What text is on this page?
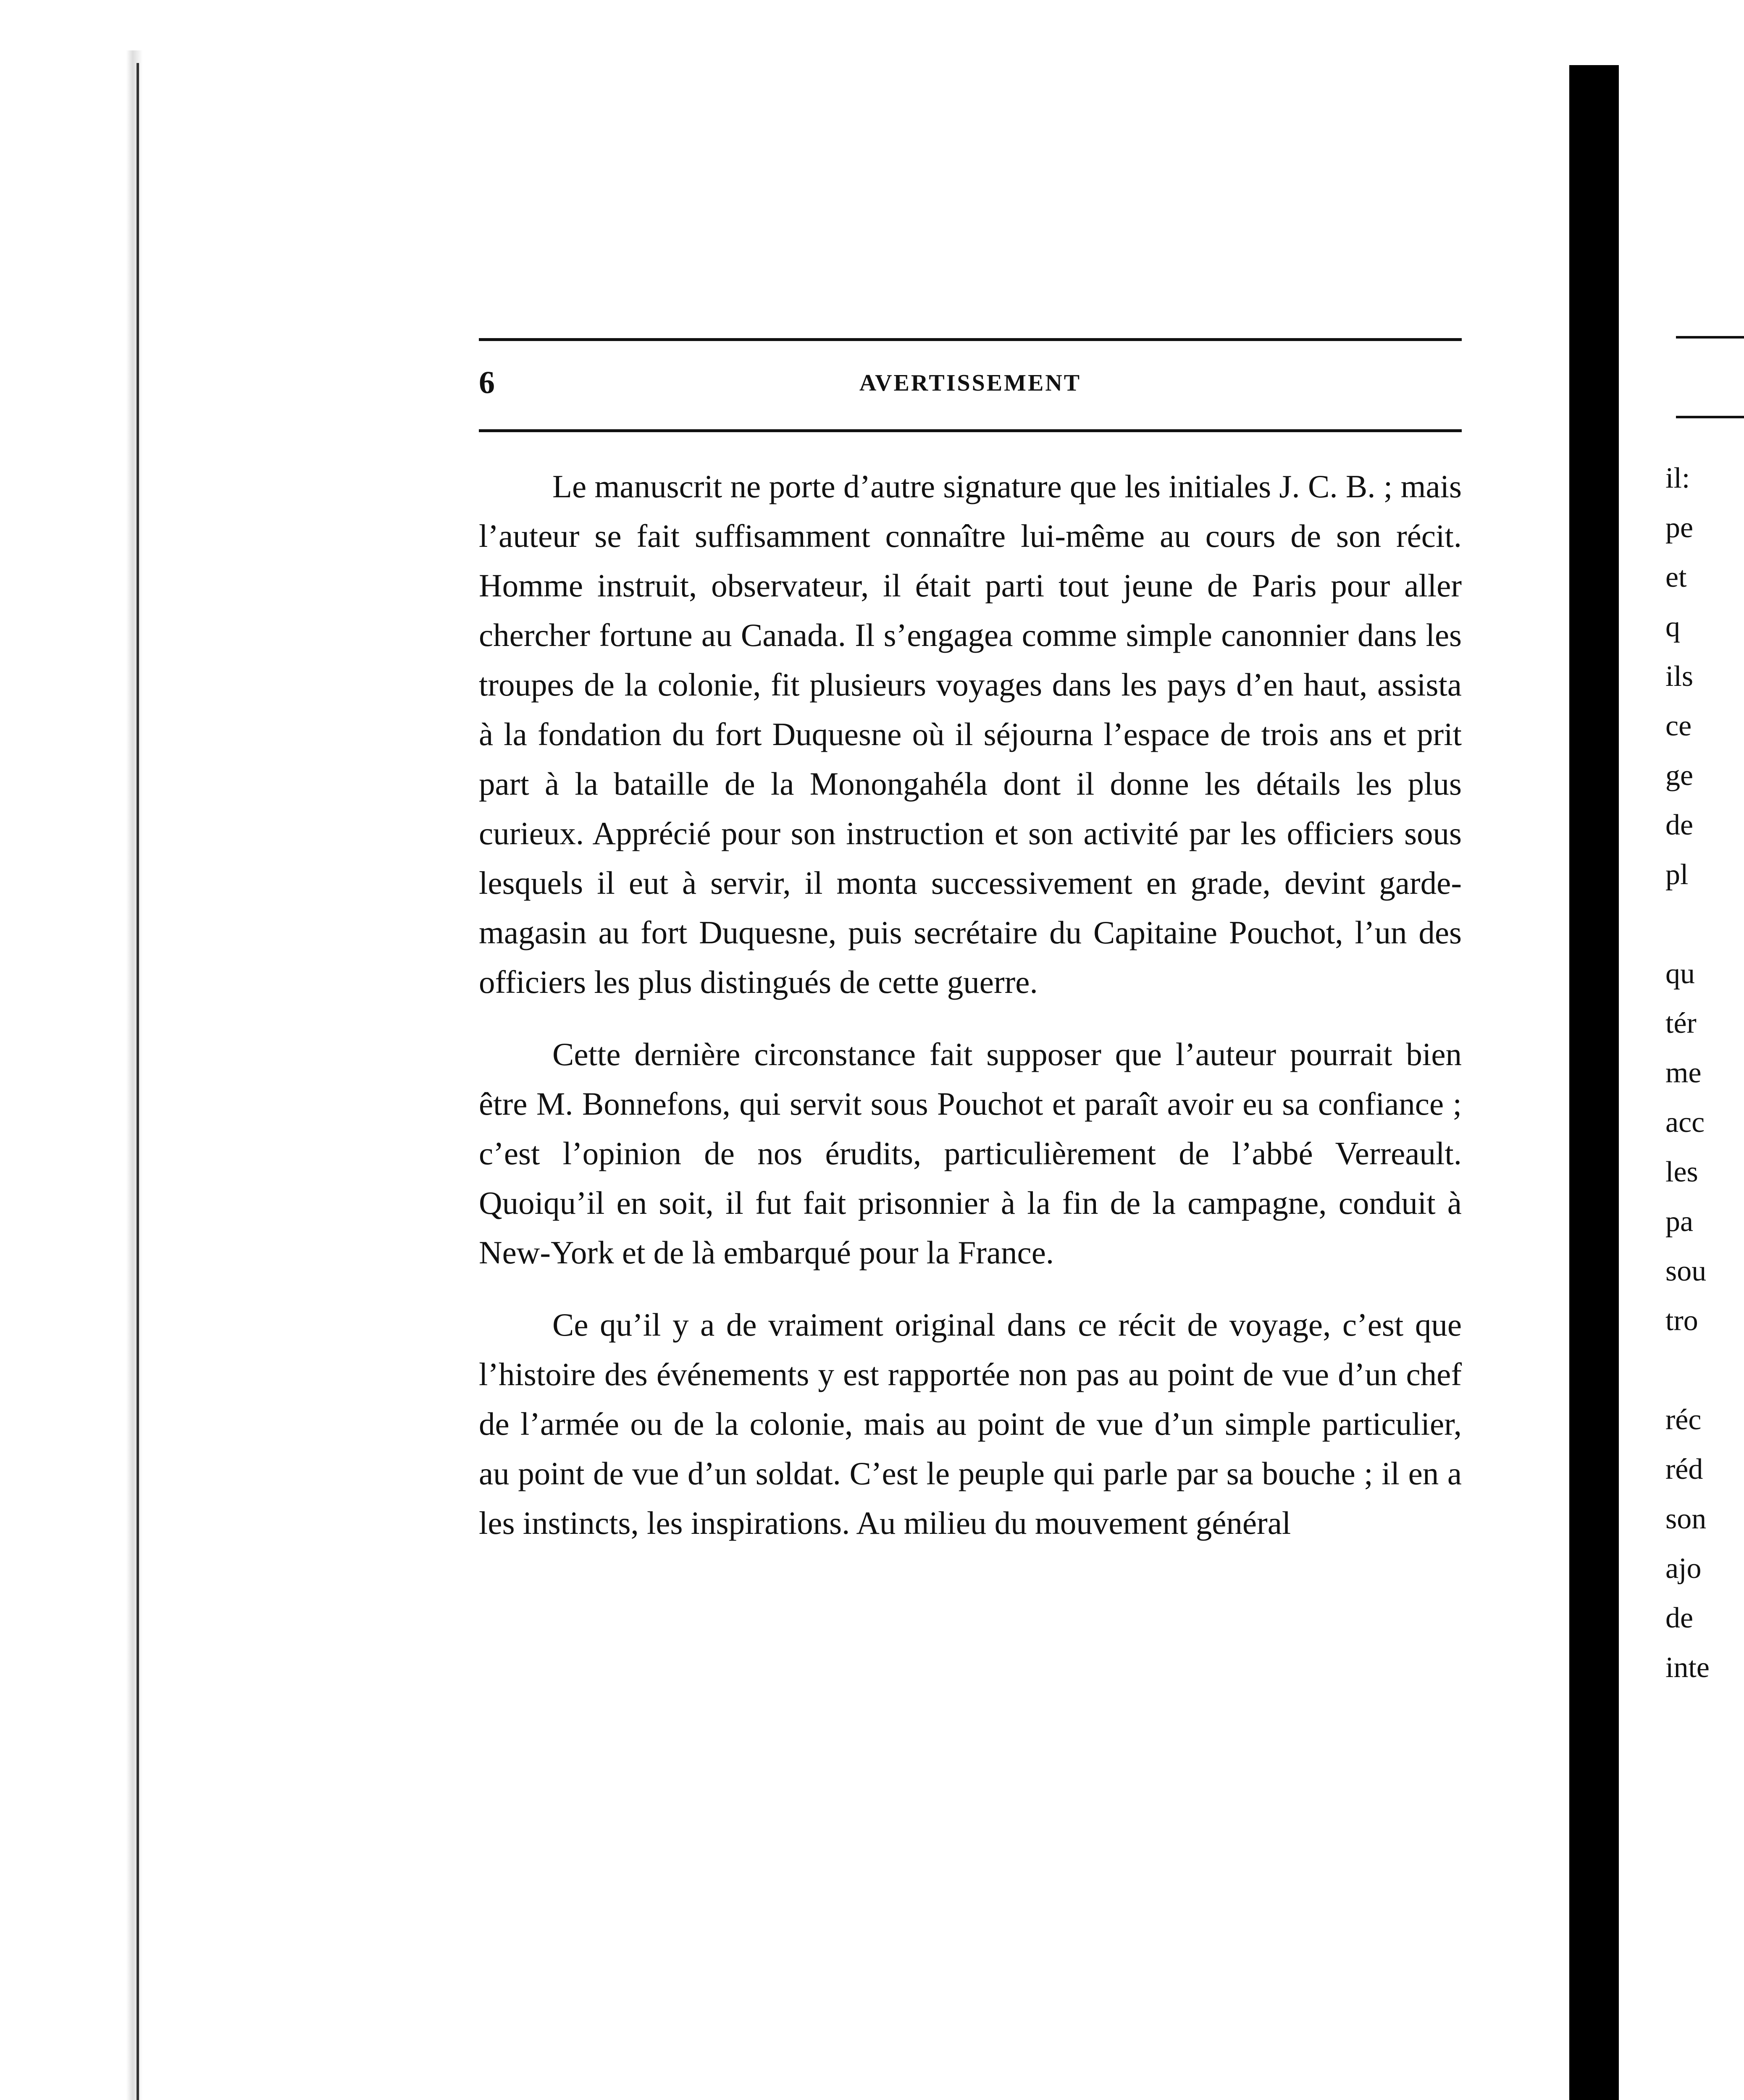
6	AVERTISSEMENT

Le manuscrit ne porte d’autre signature que les initiales J. C. B. ; mais l’auteur se fait suffisamment connaître lui-même au cours de son récit. Homme instruit, observateur, il était parti tout jeune de Paris pour aller chercher fortune au Canada. Il s’engagea comme simple canonnier dans les troupes de la colonie, fit plusieurs voyages dans les pays d’en haut, assista à la fondation du fort Duquesne où il séjourna l’espace de trois ans et prit part à la bataille de la Monongahéla dont il donne les détails les plus curieux. Apprécié pour son instruction et son activité par les officiers sous lesquels il eut à servir, il monta successivement en grade, devint garde-magasin au fort Duquesne, puis secrétaire du Capitaine Pouchot, l’un des officiers les plus distingués de cette guerre.

Cette dernière circonstance fait supposer que l’auteur pourrait bien être M. Bonnefons, qui servit sous Pouchot et paraît avoir eu sa confiance ; c’est l’opinion de nos érudits, particulièrement de l’abbé Verreault. Quoiqu’il en soit, il fut fait prisonnier à la fin de la campagne, conduit à New-York et de là embarqué pour la France.

Ce qu’il y a de vraiment original dans ce récit de voyage, c’est que l’histoire des événements y est rapportée non pas au point de vue d’un chef de l’armée ou de la colonie, mais au point de vue d’un simple particulier, au point de vue d’un soldat. C’est le peuple qui parle par sa bouche ; il en a les instincts, les inspirations. Au milieu du mouvement général

il:
pe
et
q
ils
ce
ge
de
pl
qu
tér
me
acc
les
pa
sou
tro
réc
réd
son
ajo
de
inte
